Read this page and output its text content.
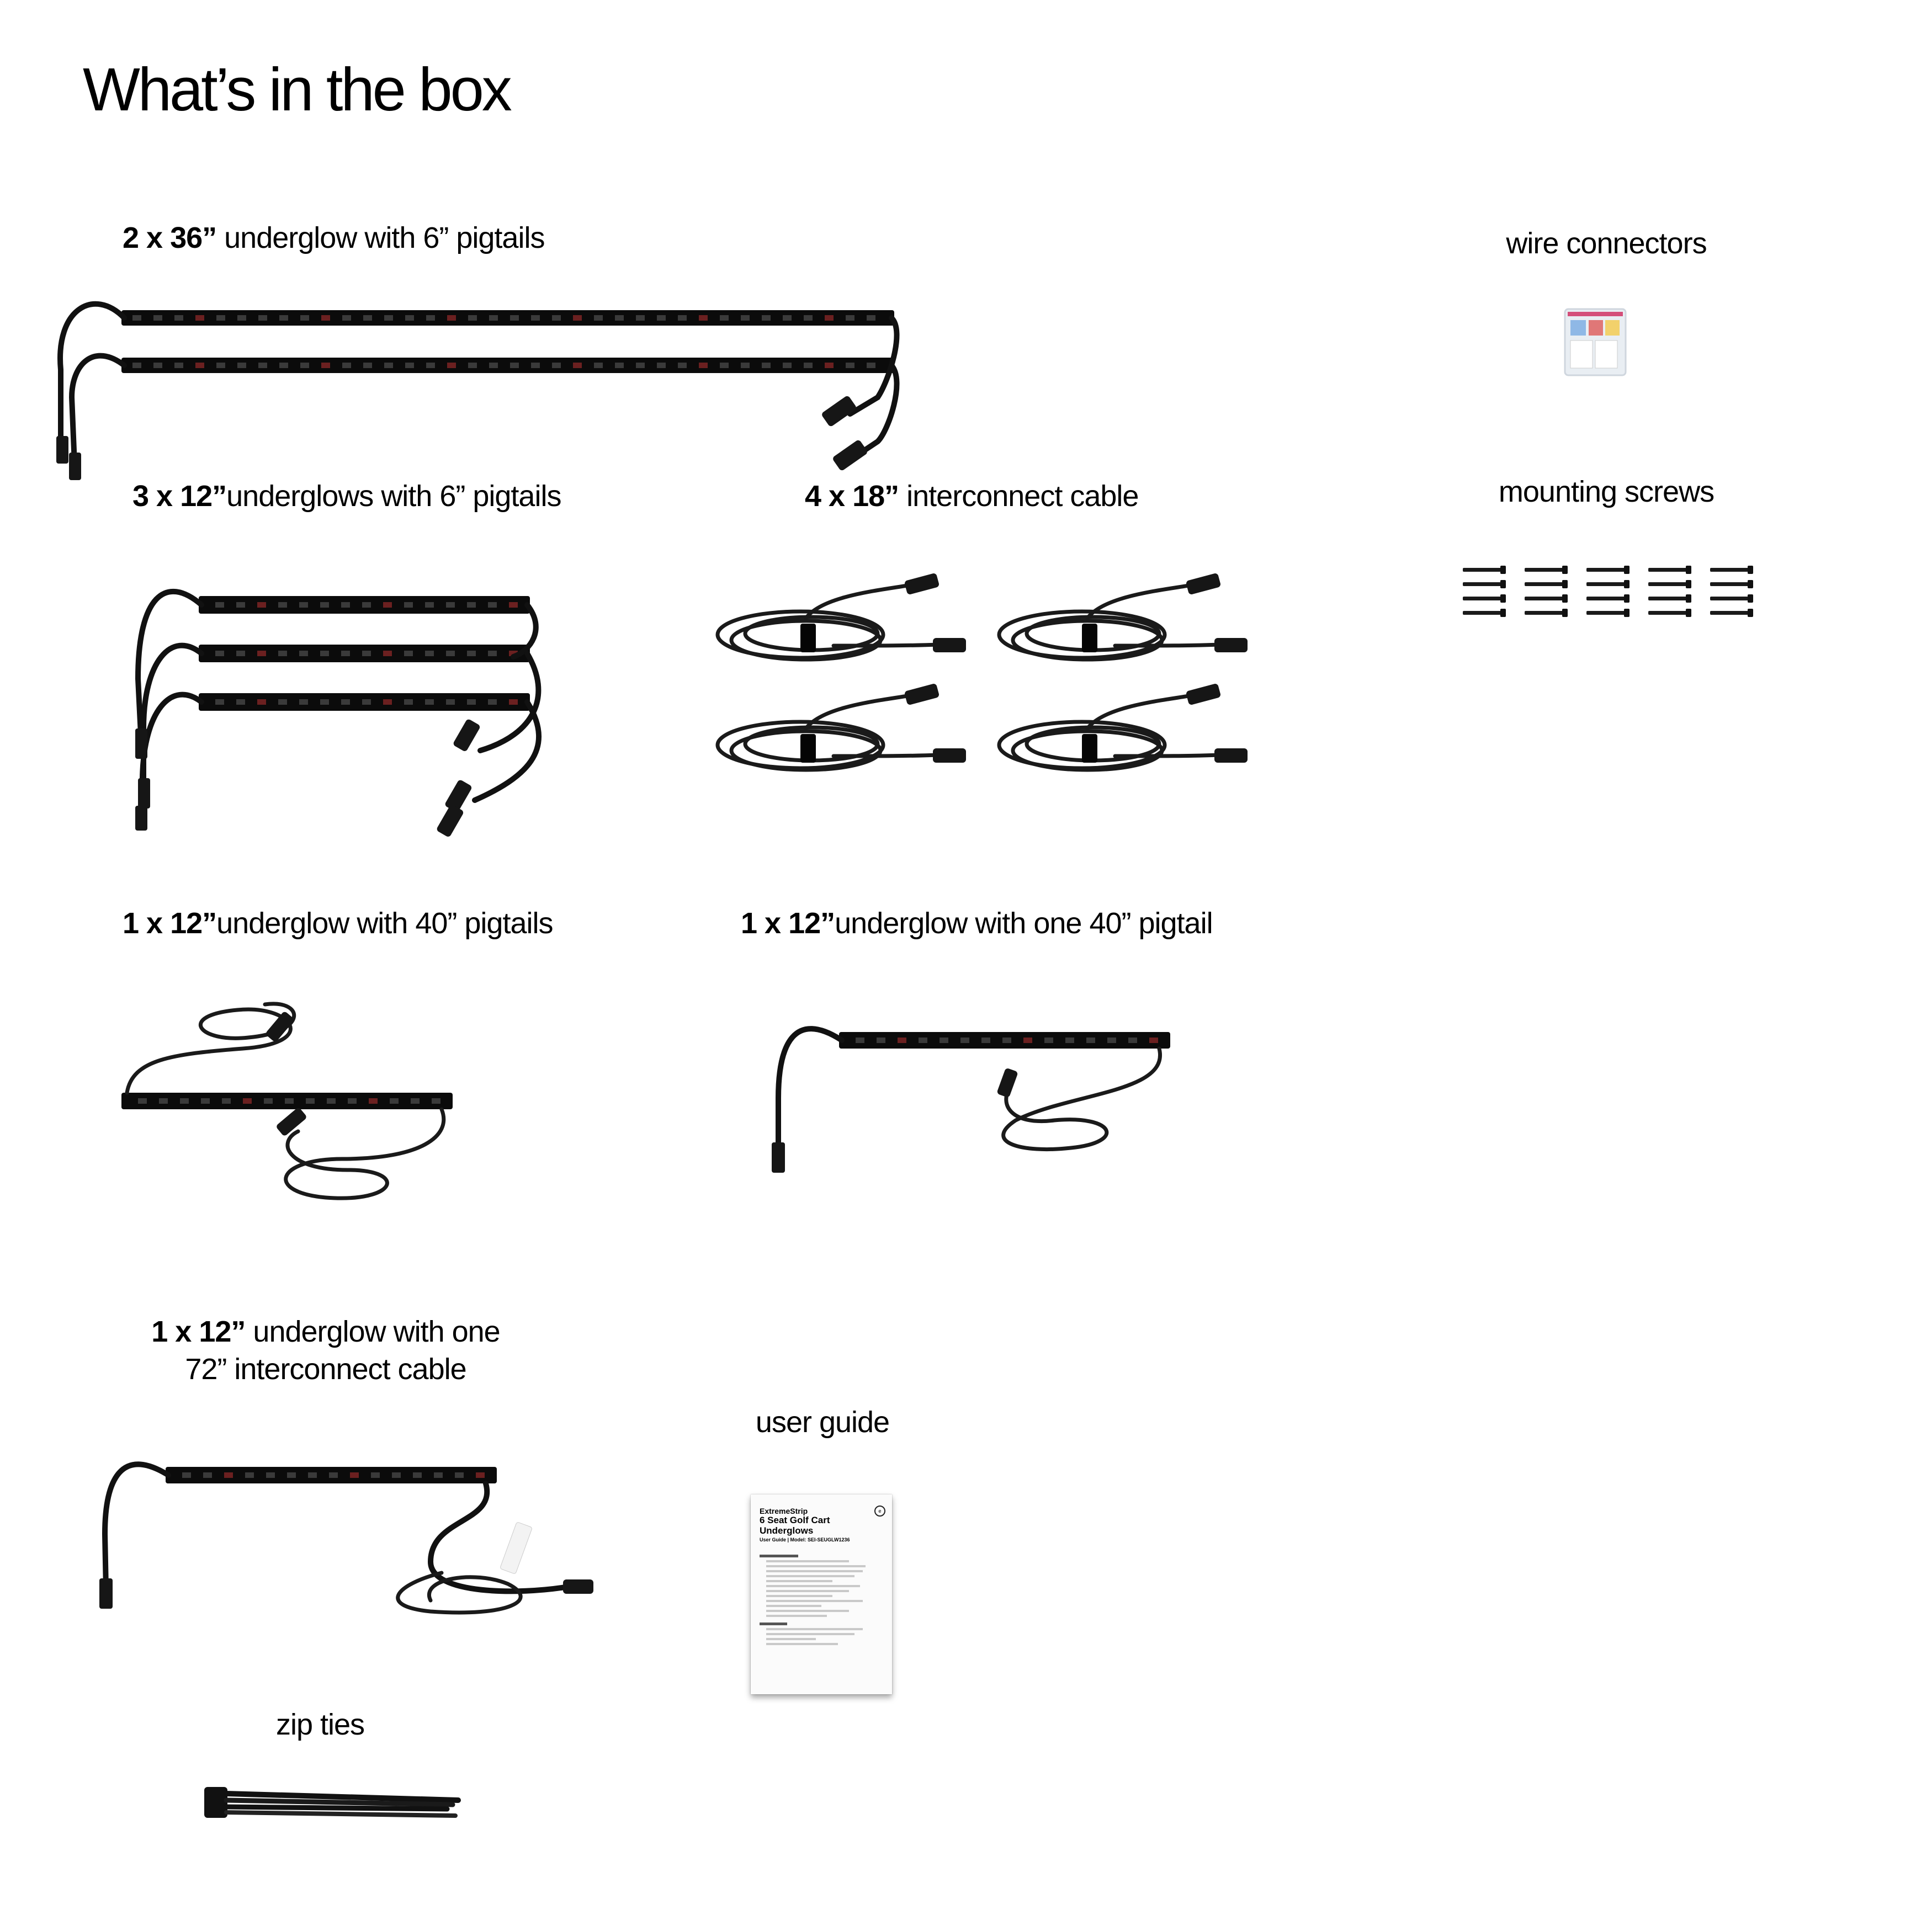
What’s in the box
2 x 36” underglow with 6” pigtails	wire connectors
mounting screws
3 x 12”underglows with 6” pigtails	4 x 18” interconnect cable
1 x 12”underglow with 40” pigtails	1 x 12”underglow with one 40” pigtail
1 x 12” underglow with one
72” interconnect cable
user guide
e
ExtremeStrip
6 Seat Golf Cart Underglows
User Guide | Model: SEI-SEUGLW1236
zip ties
